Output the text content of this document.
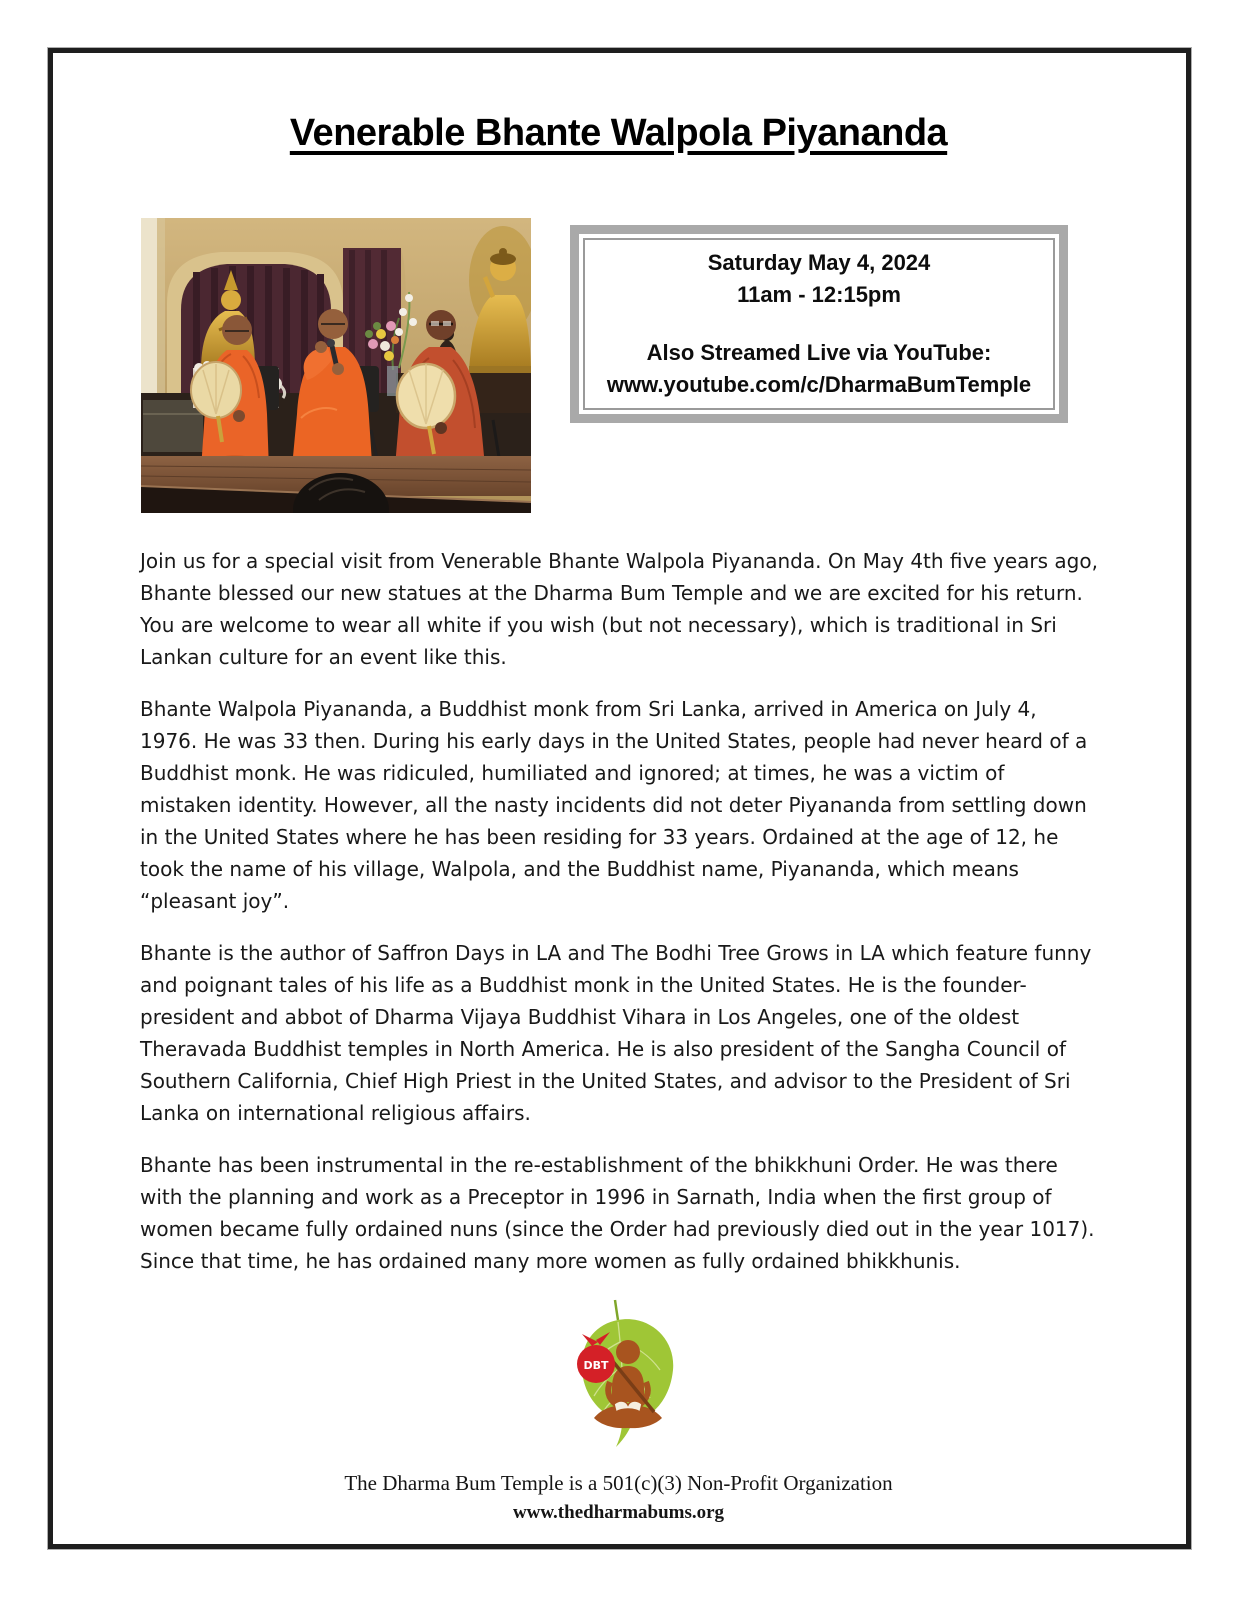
Venerable Bhante Walpola Piyananda

Saturday May 4, 2024

11am - 12:15pm

Also Streamed Live via YouTube:

www.youtube.com/c/DharmaBumTemple

Join us for a special visit from Venerable Bhante Walpola Piyananda. On May 4th five years ago, Bhante blessed our new statues at the Dharma Bum Temple and we are excited for his return. You are welcome to wear all white if you wish (but not necessary), which is traditional in Sri Lankan culture for an event like this.

Bhante Walpola Piyananda, a Buddhist monk from Sri Lanka, arrived in America on July 4, 1976. He was 33 then. During his early days in the United States, people had never heard of a Buddhist monk. He was ridiculed, humiliated and ignored; at times, he was a victim of mistaken identity. However, all the nasty incidents did not deter Piyananda from settling down in the United States where he has been residing for 33 years. Ordained at the age of 12, he took the name of his village, Walpola, and the Buddhist name, Piyananda, which means “pleasant joy”.

Bhante is the author of Saffron Days in LA and The Bodhi Tree Grows in LA which feature funny and poignant tales of his life as a Buddhist monk in the United States. He is the founder-president and abbot of Dharma Vijaya Buddhist Vihara in Los Angeles, one of the oldest Theravada Buddhist temples in North America. He is also president of the Sangha Council of Southern California, Chief High Priest in the United States, and advisor to the President of Sri Lanka on international religious affairs.

Bhante has been instrumental in the re-establishment of the bhikkhuni Order. He was there with the planning and work as a Preceptor in 1996 in Sarnath, India when the first group of women became fully ordained nuns (since the Order had previously died out in the year 1017). Since that time, he has ordained many more women as fully ordained bhikkhunis.

DBT

The Dharma Bum Temple is a 501(c)(3) Non-Profit Organization

www.thedharmabums.org
